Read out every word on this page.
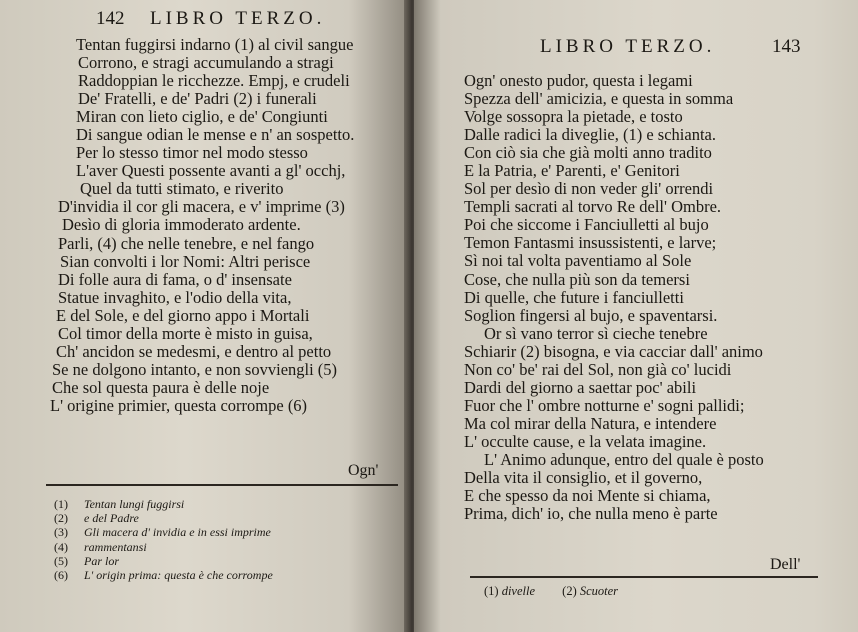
142 LIBRO TERZO.
Tentan fuggirsi indarno (1) al civil sangue
Corrono, e stragi accumulando a stragi
Raddoppian le ricchezze. Empj, e crudeli
De' Fratelli, e de' Padri (2) i funerali
Miran con lieto ciglio, e de' Congiunti
Di sangue odian le mense e n' an sospetto.
Per lo stesso timor nel modo stesso
L'aver Questi possente avanti a gl' occhj,
Quel da tutti stimato, e riverito
D'invidia il cor gli macera, e v' imprime (3)
Desìo di gloria immoderato ardente.
Parli, (4) che nelle tenebre, e nel fango
Sian convolti i lor Nomi: Altri perisce
Di folle aura di fama, o d' insensate
Statue invaghito, e l'odio della vita,
E del Sole, e del giorno appo i Mortali
Col timor della morte è misto in guisa,
Ch' ancidon se medesmi, e dentro al petto
Se ne dolgono intanto, e non sovviengli (5)
Che sol questa paura è delle noje
L' origine primier, questa corrompe (6)
Ogn'
(1) Tentan lungi fuggirsi
(2) e del Padre
(3) Gli macera d' invidia e in essi imprime
(4) rammentansi
(5) Par lor
(6) L' origin prima: questa è che corrompe
LIBRO TERZO.	143
Ogn' onesto pudor, questa i legami
Spezza dell' amicizia, e questa in somma
Volge sossopra la pietade, e tosto
Dalle radici la diveglie, (1) e schianta.
Con ciò sia che già molti anno tradito
E la Patria, e' Parenti, e' Genitori
Sol per desìo di non veder gli' orrendi
Templi sacrati al torvo Re dell' Ombre.
Poi che siccome i Fanciulletti al bujo
Temon Fantasmi insussistenti, e larve;
Sì noi tal volta paventiamo al Sole
Cose, che nulla più son da temersi
Di quelle, che future i fanciulletti
Soglion fingersi al bujo, e spaventarsi.
Or sì vano terror sì cieche tenebre
Schiarir (2) bisogna, e via cacciar dall' animo
Non co' be' rai del Sol, non già co' lucidi
Dardi del giorno a saettar poc' abili
Fuor che l' ombre notturne e' sogni pallidi;
Ma col mirar della Natura, e intendere
L' occulte cause, e la velata imagine.
L' Animo adunque, entro del quale è posto
Della vita il consiglio, et il governo,
E che spesso da noi Mente si chiama,
Prima, dich' io, che nulla meno è parte
Dell'
(1) divelle (2) Scuoter
